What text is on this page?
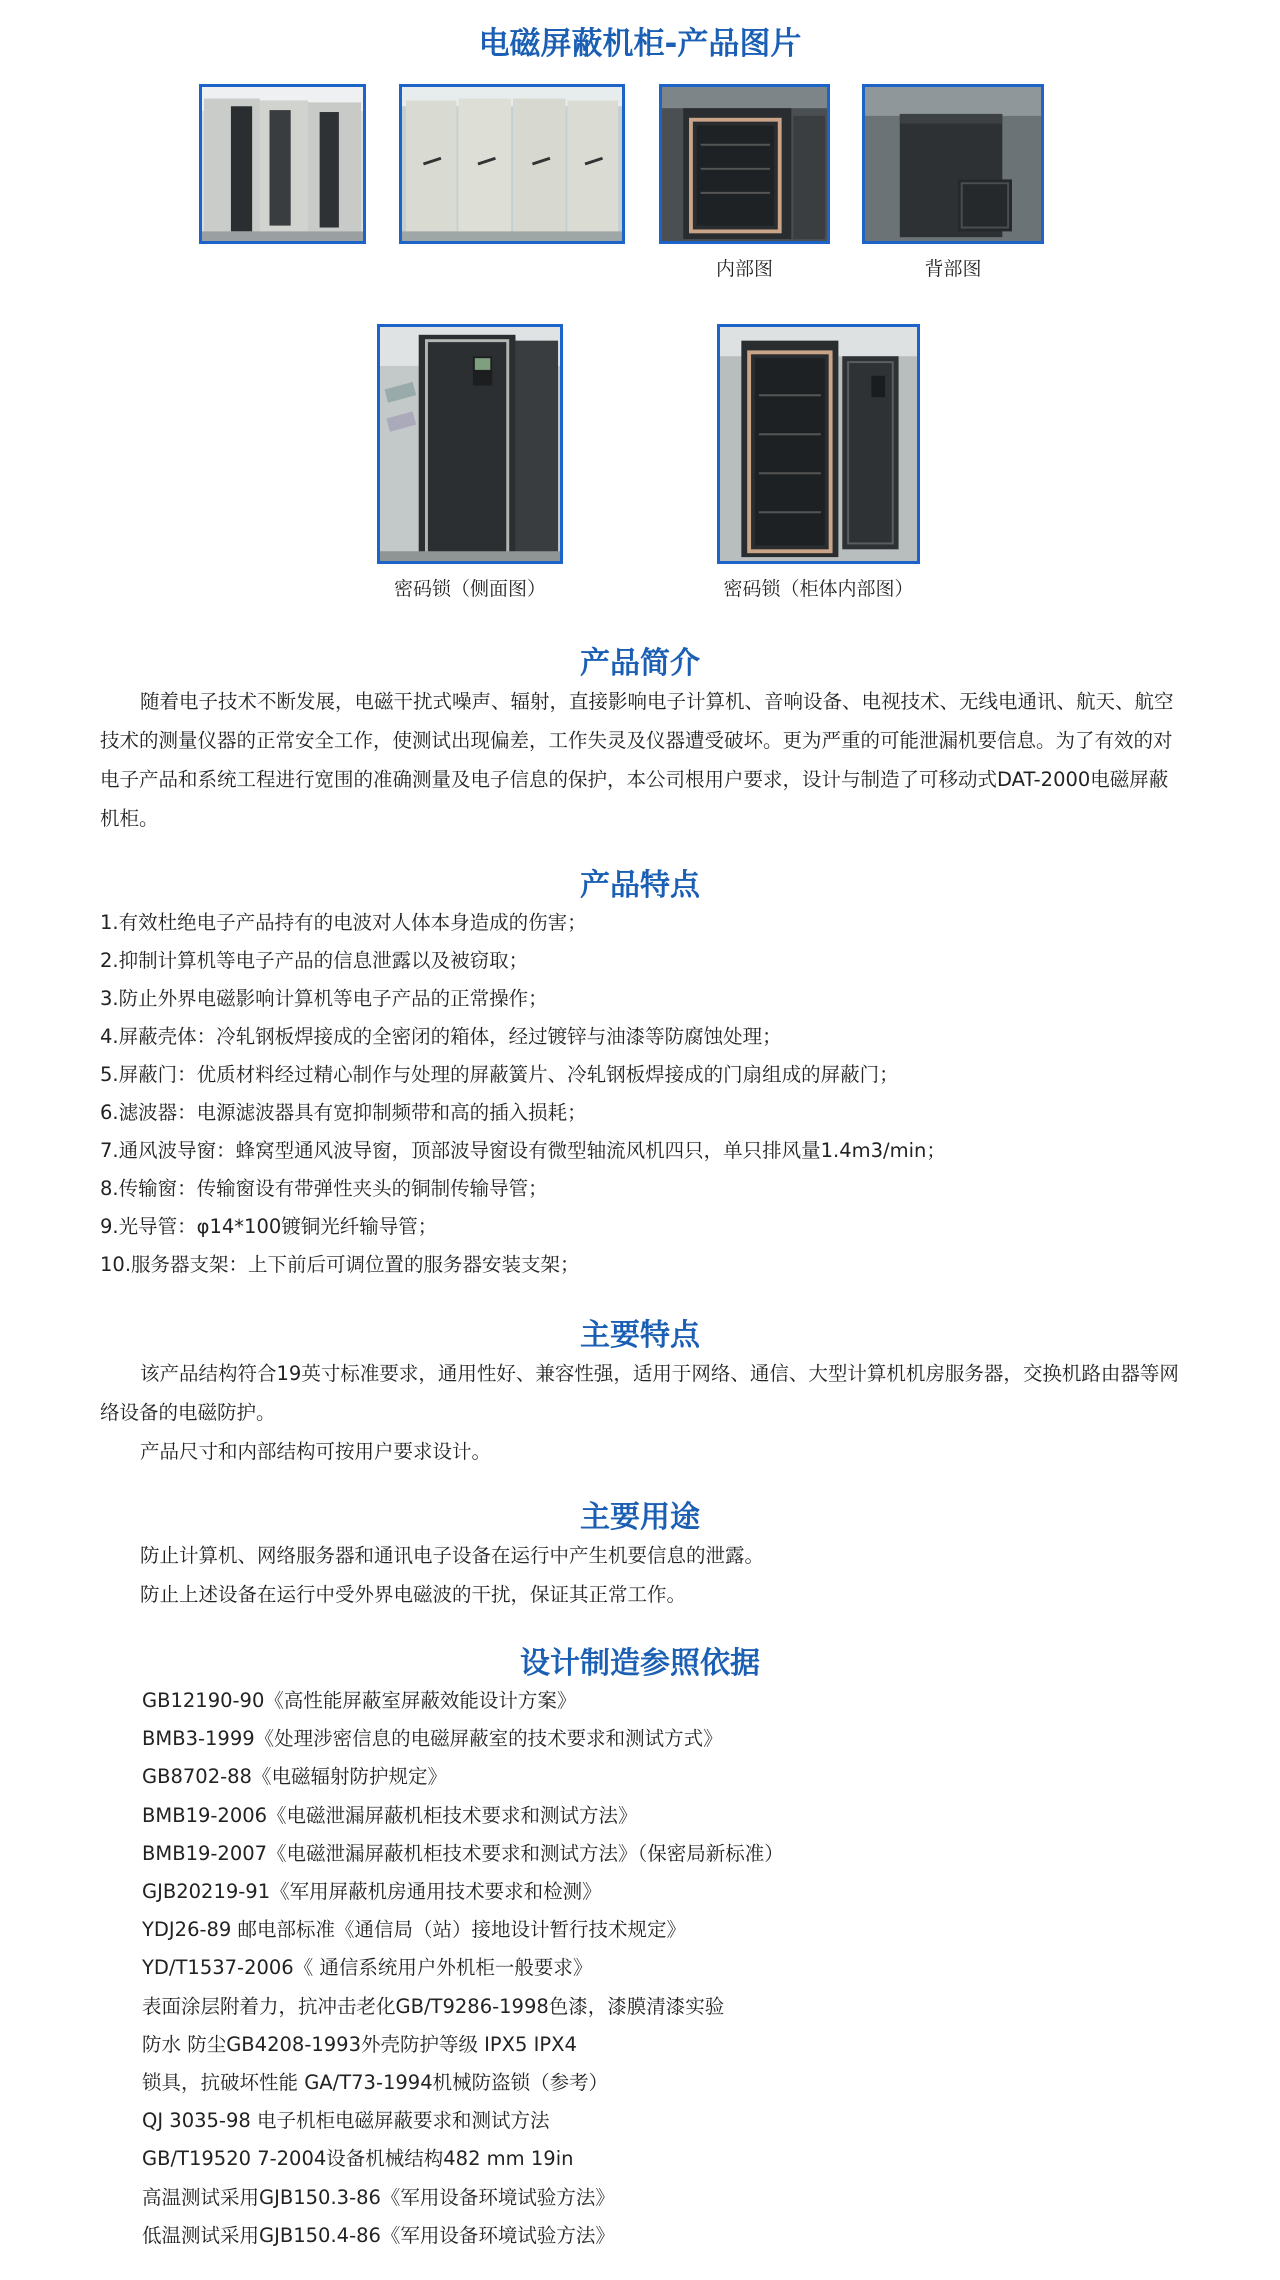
电磁屏蔽机柜-产品图片
内部图	背部图
密码锁（侧面图）	密码锁（柜体内部图）
产品简介

随着电子技术不断发展，电磁干扰式噪声、辐射，直接影响电子计算机、音响设备、电视技术、无线电通讯、航天、航空技术的测量仪器的正常安全工作，使测试出现偏差，工作失灵及仪器遭受破坏。更为严重的可能泄漏机要信息。为了有效的对电子产品和系统工程进行宽围的准确测量及电子信息的保护，本公司根用户要求，设计与制造了可移动式DAT-2000电磁屏蔽机柜。

产品特点
1.有效杜绝电子产品持有的电波对人体本身造成的伤害；
2.抑制计算机等电子产品的信息泄露以及被窃取；
3.防止外界电磁影响计算机等电子产品的正常操作；
4.屏蔽壳体：冷轧钢板焊接成的全密闭的箱体，经过镀锌与油漆等防腐蚀处理；
5.屏蔽门：优质材料经过精心制作与处理的屏蔽簧片、冷轧钢板焊接成的门扇组成的屏蔽门；
6.滤波器：电源滤波器具有宽抑制频带和高的插入损耗；
7.通风波导窗：蜂窝型通风波导窗，顶部波导窗设有微型轴流风机四只，单只排风量1.4m3/min；
8.传输窗：传输窗设有带弹性夹头的铜制传输导管；
9.光导管：φ14*100镀铜光纤输导管；
10.服务器支架：上下前后可调位置的服务器安装支架；
主要特点

该产品结构符合19英寸标准要求，通用性好、兼容性强，适用于网络、通信、大型计算机机房服务器，交换机路由器等网络设备的电磁防护。

产品尺寸和内部结构可按用户要求设计。

主要用途

防止计算机、网络服务器和通讯电子设备在运行中产生机要信息的泄露。

防止上述设备在运行中受外界电磁波的干扰，保证其正常工作。

设计制造参照依据
GB12190-90《高性能屏蔽室屏蔽效能设计方案》
BMB3-1999《处理涉密信息的电磁屏蔽室的技术要求和测试方式》
GB8702-88《电磁辐射防护规定》
BMB19-2006《电磁泄漏屏蔽机柜技术要求和测试方法》
BMB19-2007《电磁泄漏屏蔽机柜技术要求和测试方法》（保密局新标准）
GJB20219-91《军用屏蔽机房通用技术要求和检测》
YDJ26-89 邮电部标准《通信局（站）接地设计暂行技术规定》
YD/T1537-2006《 通信系统用户外机柜一般要求》
表面涂层附着力，抗冲击老化GB/T9286-1998色漆，漆膜清漆实验
防水 防尘GB4208-1993外壳防护等级 IPX5 IPX4
锁具，抗破坏性能 GA/T73-1994机械防盗锁（参考）
QJ 3035-98 电子机柜电磁屏蔽要求和测试方法
GB/T19520 7-2004设备机械结构482 mm 19in
高温测试采用GJB150.3-86《军用设备环境试验方法》
低温测试采用GJB150.4-86《军用设备环境试验方法》
